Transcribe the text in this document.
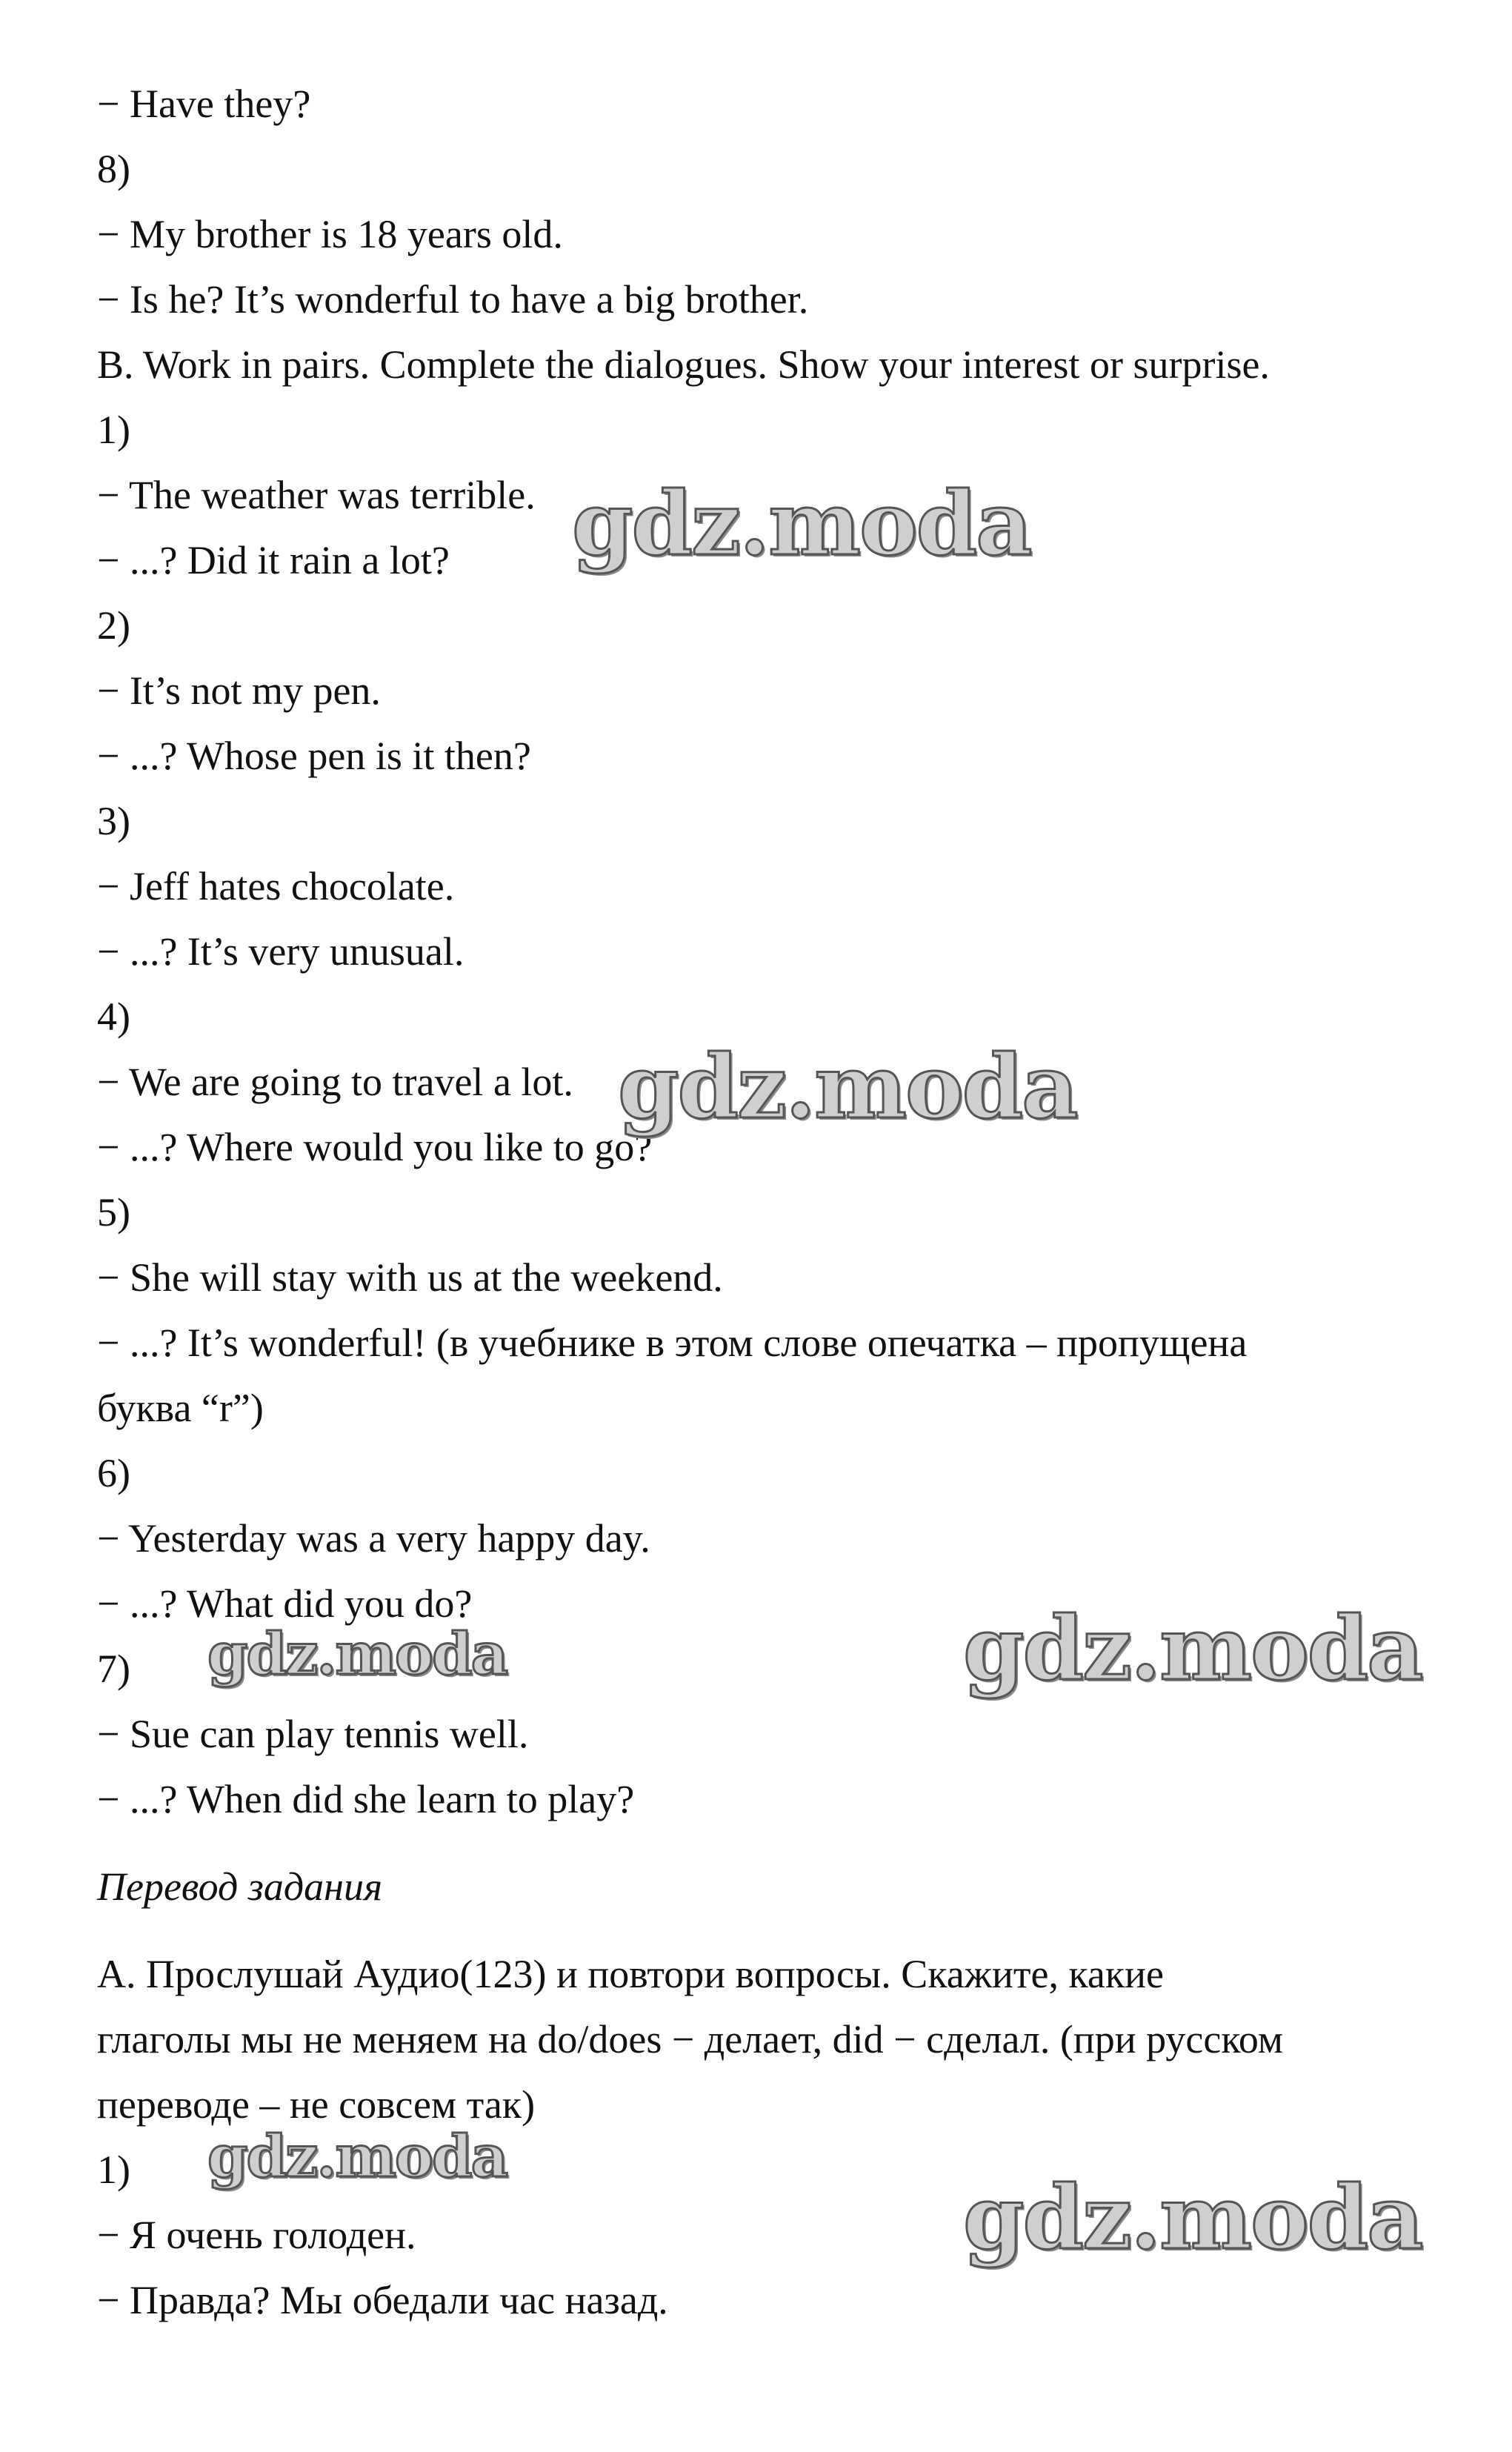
− Have they?
8)
− My brother is 18 years old.
− Is he? It’s wonderful to have a big brother.
B. Work in pairs. Complete the dialogues. Show your interest or surprise.
1)
− The weather was terrible.
− ...? Did it rain a lot?
2)
− It’s not my pen.
− ...? Whose pen is it then?
3)
− Jeff hates chocolate.
− ...? It’s very unusual.
4)
− We are going to travel a lot.
− ...? Where would you like to go?
5)
− She will stay with us at the weekend.
− ...? It’s wonderful! (в учебнике в этом слове опечатка – пропущена
буква “r”)
6)
− Yesterday was a very happy day.
− ...? What did you do?
7)
− Sue can play tennis well.
− ...? When did she learn to play?
Перевод задания
А. Прослушай Аудио(123) и повтори вопросы. Скажите, какие
глаголы мы не меняем на do/does − делает, did − сделал. (при русском
переводе – не совсем так)
1)
− Я очень голоден.
− Правда? Мы обедали час назад.
gdz.moda
gdz.moda
gdz.moda	gdz.moda
gdz.moda
gdz.moda
